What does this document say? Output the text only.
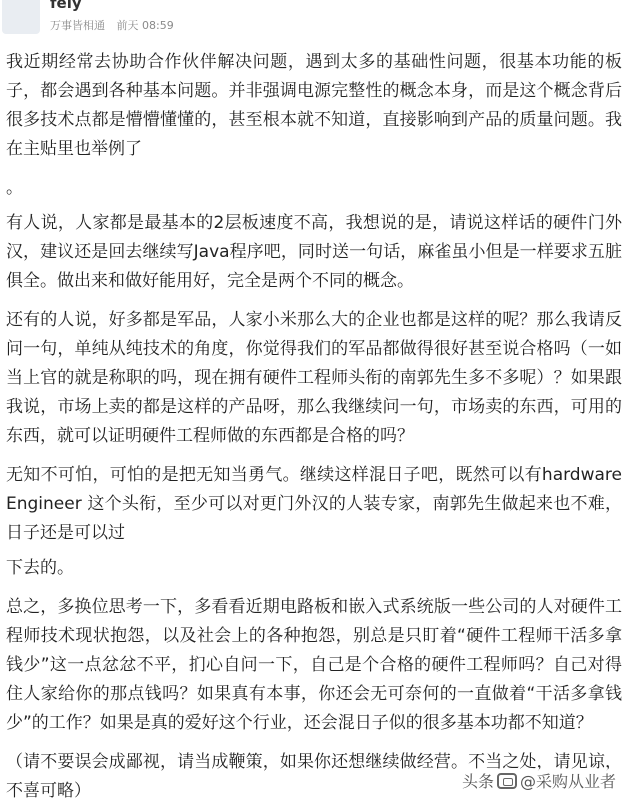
feiy
万事皆相通 前天 08:59

我近期经常去协助合作伙伴解决问题，遇到太多的基础性问题，很基本功能的板子，都会遇到各种基本问题。并非强调电源完整性的概念本身，而是这个概念背后很多技术点都是懵懵懂懂的，甚至根本就不知道，直接影响到产品的质量问题。我在主贴里也举例了

。

有人说，人家都是最基本的2层板速度不高，我想说的是，请说这样话的硬件门外汉，建议还是回去继续写Java程序吧，同时送一句话，麻雀虽小但是一样要求五脏俱全。做出来和做好能用好，完全是两个不同的概念。

还有的人说，好多都是军品，人家小米那么大的企业也都是这样的呢？那么我请反问一句，单纯从纯技术的角度，你觉得我们的军品都做得很好甚至说合格吗（一如当上官的就是称职的吗，现在拥有硬件工程师头衔的南郭先生多不多呢）？如果跟我说，市场上卖的都是这样的产品呀，那么我继续问一句，市场卖的东西，可用的东西，就可以证明硬件工程师做的东西都是合格的吗？

无知不可怕，可怕的是把无知当勇气。继续这样混日子吧，既然可以有hardware Engineer 这个头衔，至少可以对更门外汉的人装专家，南郭先生做起来也不难，日子还是可以过

下去的。

总之，多换位思考一下，多看看近期电路板和嵌入式系统版一些公司的人对硬件工程师技术现状抱怨，以及社会上的各种抱怨，别总是只盯着“硬件工程师干活多拿钱少”这一点忿忿不平，扪心自问一下，自己是个合格的硬件工程师吗？自己对得住人家给你的那点钱吗？如果真有本事，你还会无可奈何的一直做着“干活多拿钱少”的工作？如果是真的爱好这个行业，还会混日子似的很多基本功都不知道？

（请不要误会成鄙视，请当成鞭策，如果你还想继续做经营。不当之处，请见谅，不喜可略）	头条 @采购从业者
